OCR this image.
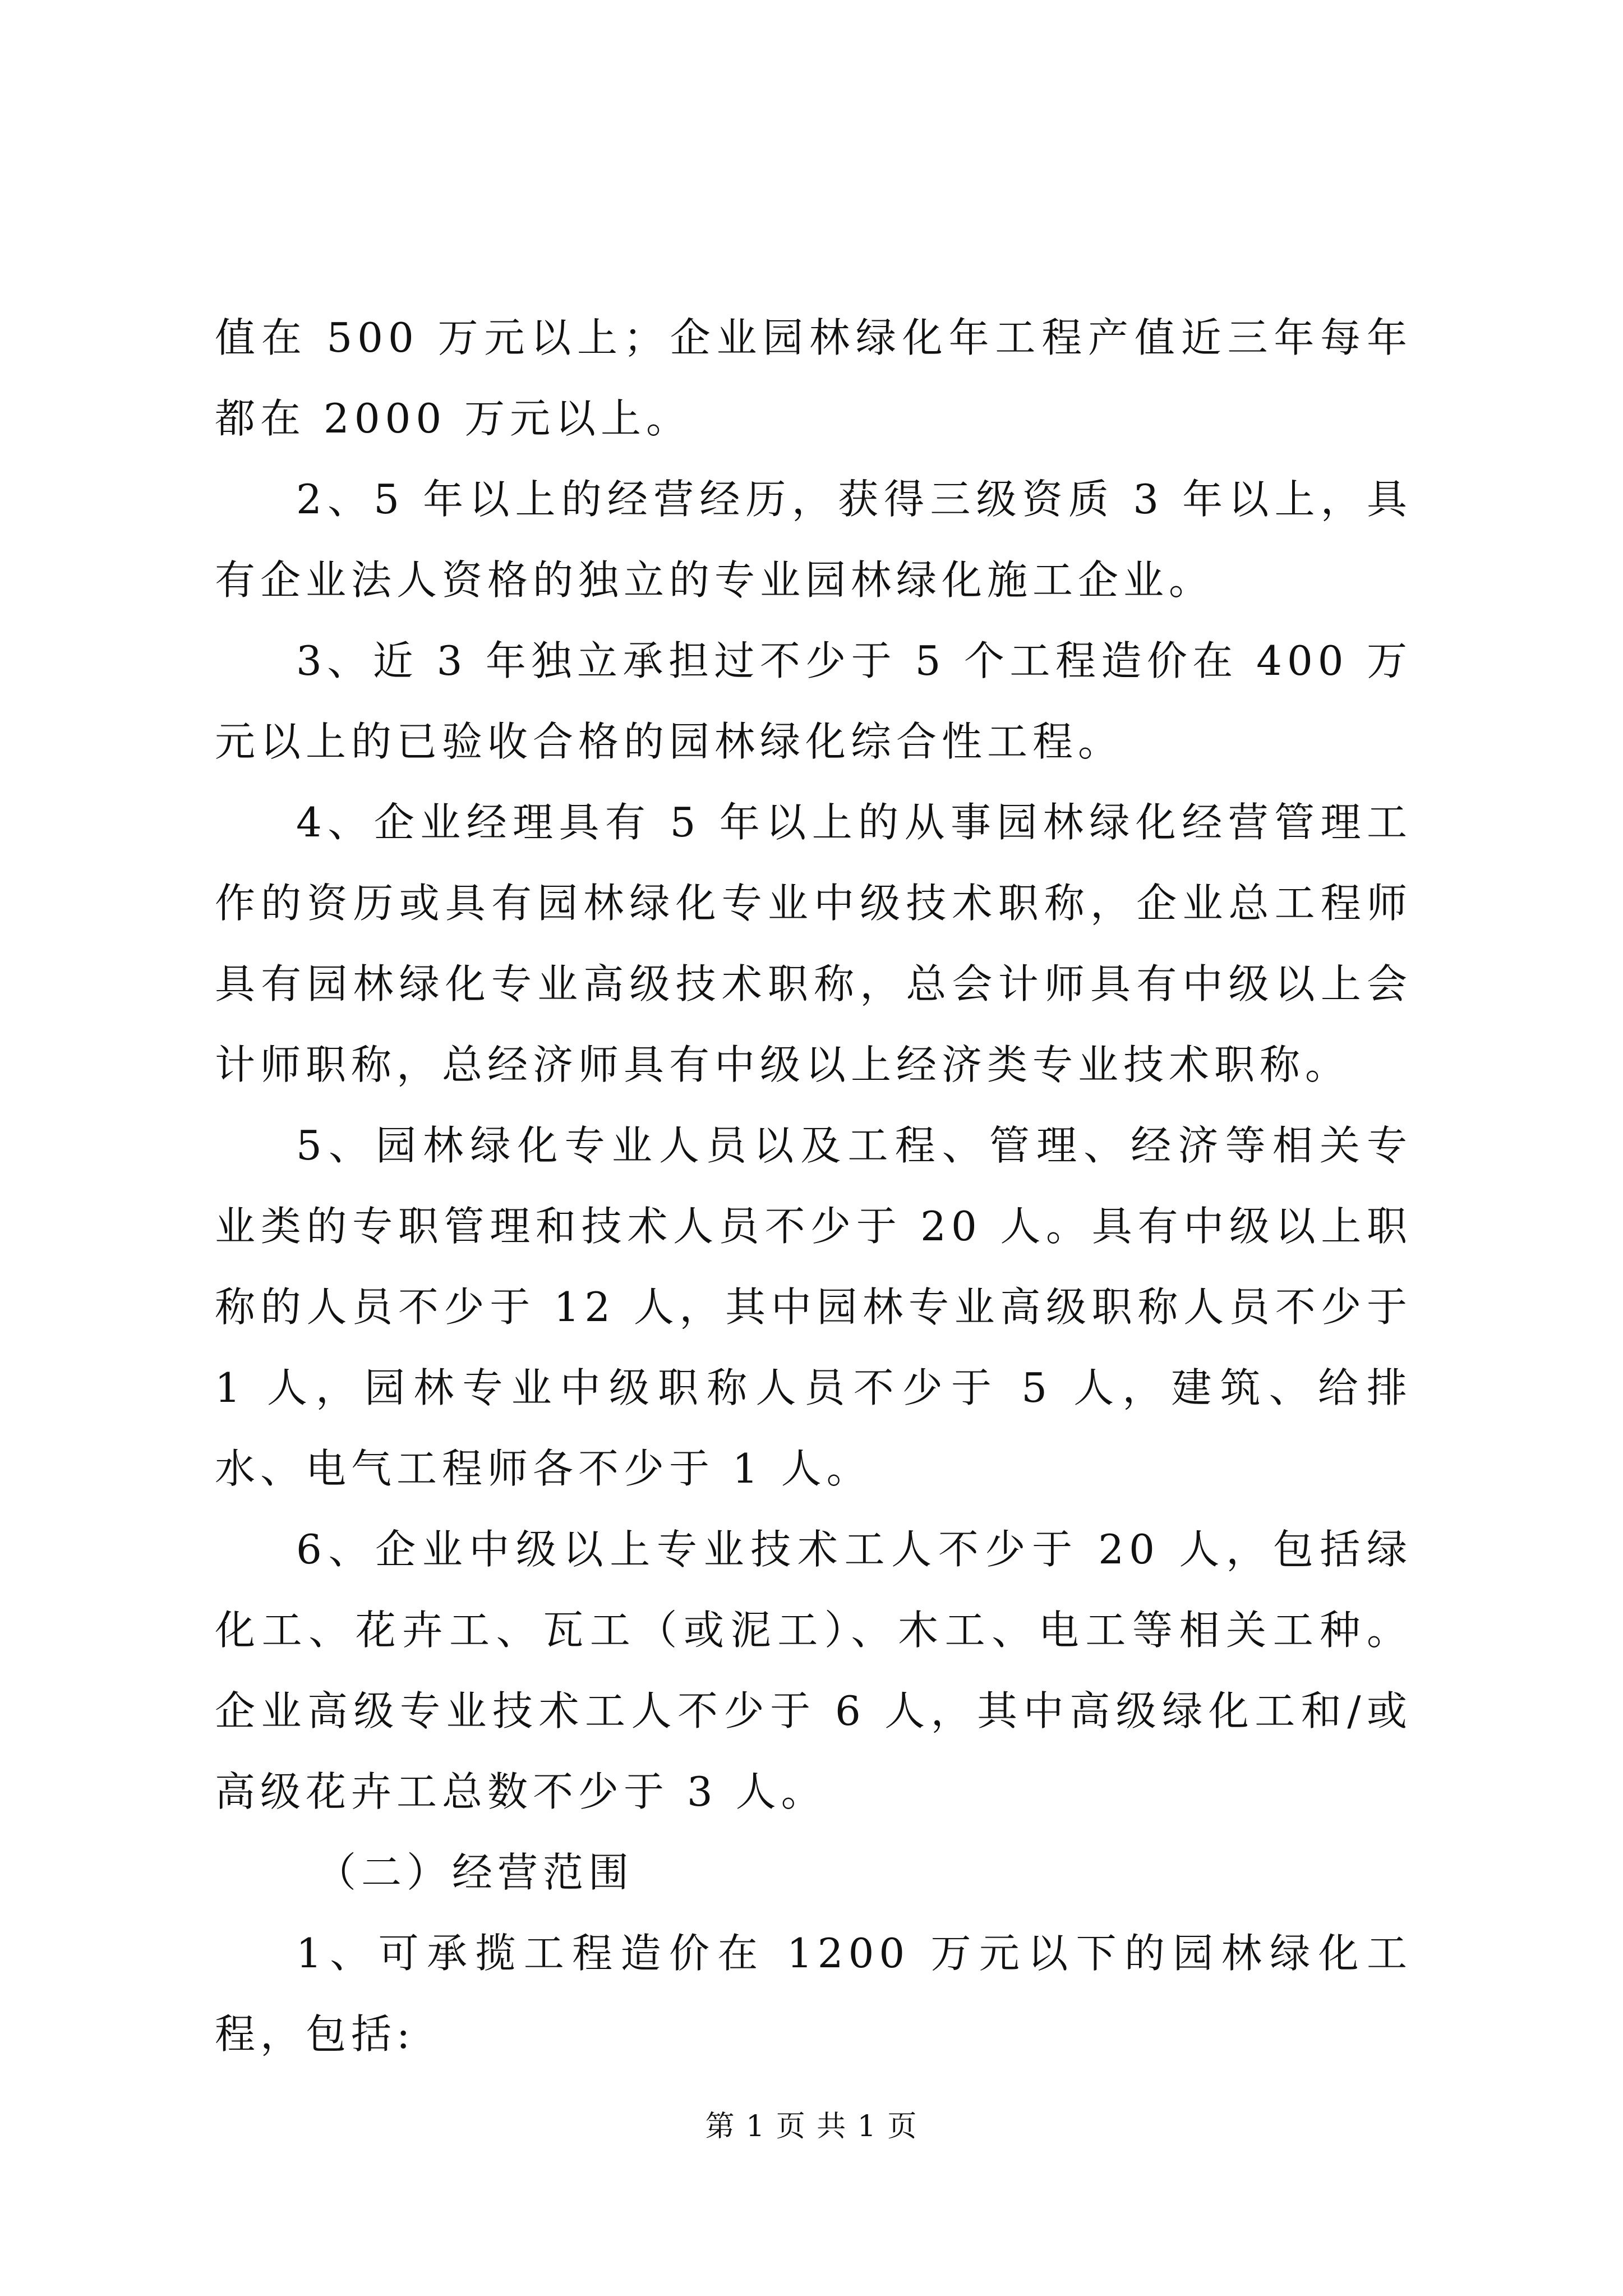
值在 500 万元以上；企业园林绿化年工程产值近三年每年都在 2000 万元以上。

2、5 年以上的经营经历，获得三级资质 3 年以上，具有企业法人资格的独立的专业园林绿化施工企业。

3、近 3 年独立承担过不少于 5 个工程造价在 400 万元以上的已验收合格的园林绿化综合性工程。

4、企业经理具有 5 年以上的从事园林绿化经营管理工作的资历或具有园林绿化专业中级技术职称，企业总工程师具有园林绿化专业高级技术职称，总会计师具有中级以上会计师职称，总经济师具有中级以上经济类专业技术职称。

5、园林绿化专业人员以及工程、管理、经济等相关专业类的专职管理和技术人员不少于 20 人。具有中级以上职称的人员不少于 12 人，其中园林专业高级职称人员不少于 1 人，园林专业中级职称人员不少于 5 人，建筑、给排水、电气工程师各不少于 1 人。

6、企业中级以上专业技术工人不少于 20 人，包括绿化工、花卉工、瓦工（或泥工）、木工、电工等相关工种。企业高级专业技术工人不少于 6 人，其中高级绿化工和/或高级花卉工总数不少于 3 人。

（二）经营范围

1、可承揽工程造价在 1200 万元以下的园林绿化工程，包括:

第 1 页 共 1 页
